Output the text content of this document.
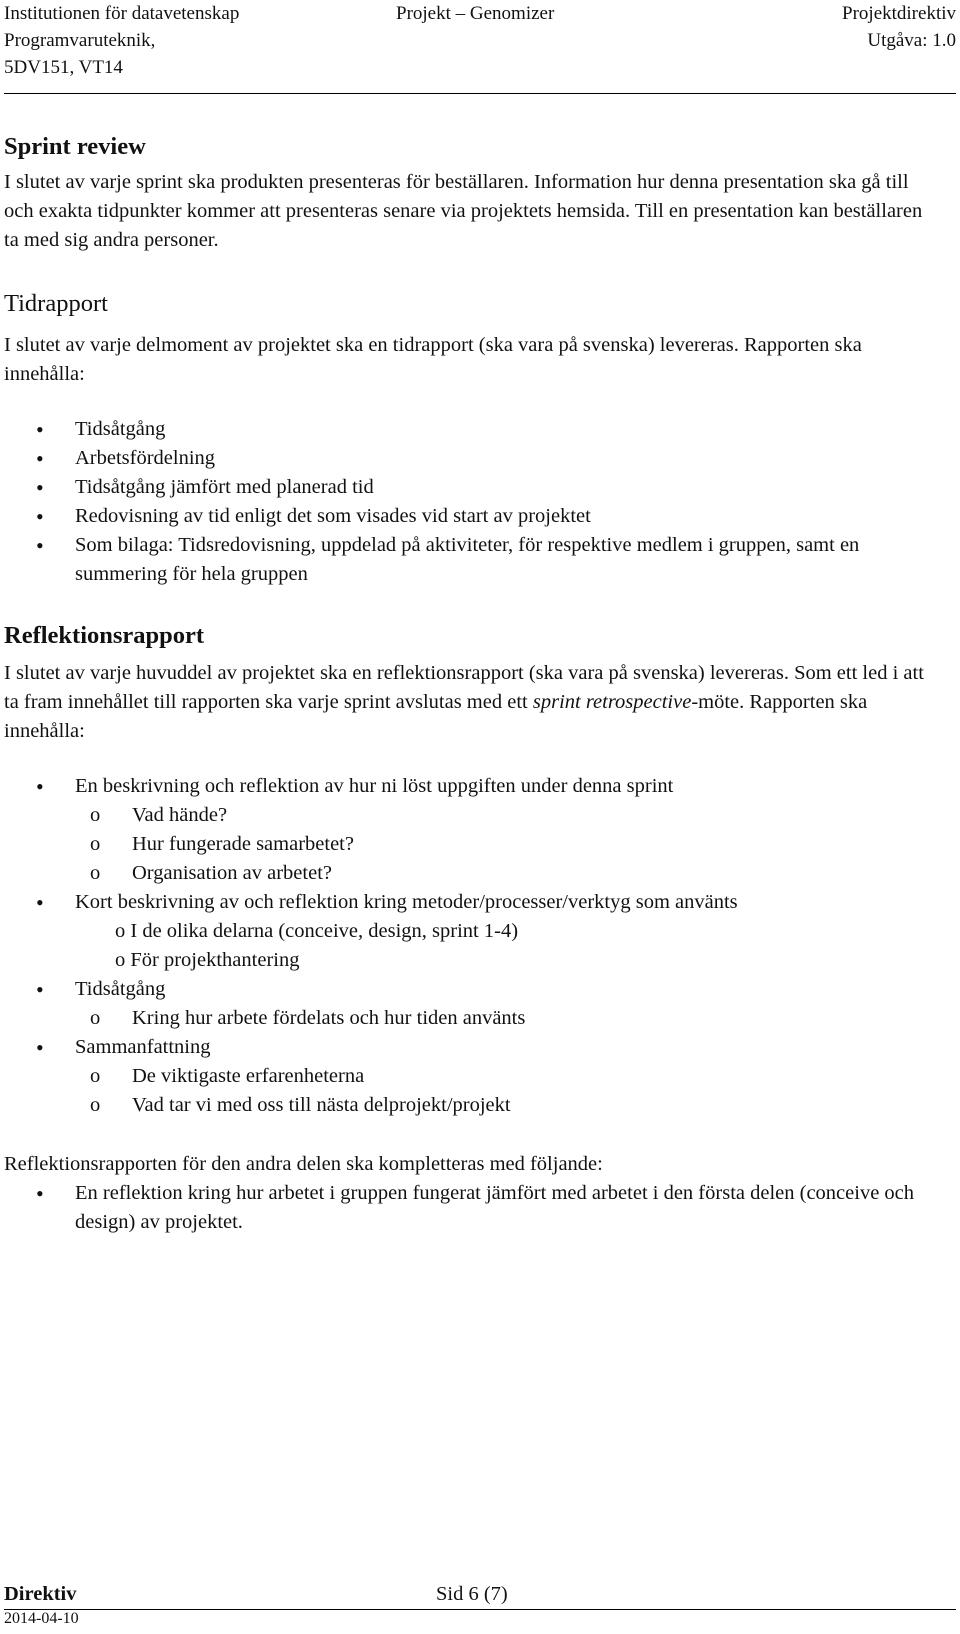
Institutionen för datavetenskap
Programvaruteknik,
5DV151, VT14
Projekt – Genomizer	Projektdirektiv
Utgåva: 1.0
Sprint review

I slutet av varje sprint ska produkten presenteras för beställaren. Information hur denna presentation ska gå till och exakta tidpunkter kommer att presenteras senare via projektets hemsida. Till en presentation kan beställaren ta med sig andra personer.

Tidrapport

I slutet av varje delmoment av projektet ska en tidrapport (ska vara på svenska) levereras. Rapporten ska innehålla:

• Tidsåtgång
• Arbetsfördelning
• Tidsåtgång jämfört med planerad tid
• Redovisning av tid enligt det som visades vid start av projektet
• Som bilaga: Tidsredovisning, uppdelad på aktiviteter, för respektive medlem i gruppen, samt en summering för hela gruppen
Reflektionsrapport

I slutet av varje huvuddel av projektet ska en reflektionsrapport (ska vara på svenska) levereras. Som ett led i att ta fram innehållet till rapporten ska varje sprint avslutas med ett sprint retrospective-möte. Rapporten ska innehålla:

• En beskrivning och reflektion av hur ni löst uppgiften under denna sprint
o Vad hände?
o Hur fungerade samarbetet?
o Organisation av arbetet?
• Kort beskrivning av och reflektion kring metoder/processer/verktyg som använts
o I de olika delarna (conceive, design, sprint 1-4)
o För projekthantering
• Tidsåtgång
o Kring hur arbete fördelats och hur tiden använts
• Sammanfattning
o De viktigaste erfarenheterna
o Vad tar vi med oss till nästa delprojekt/projekt

Reflektionsrapporten för den andra delen ska kompletteras med följande:

• En reflektion kring hur arbetet i gruppen fungerat jämfört med arbetet i den första delen (conceive och design) av projektet.
Direktiv	Sid 6 (7)
2014-04-10
